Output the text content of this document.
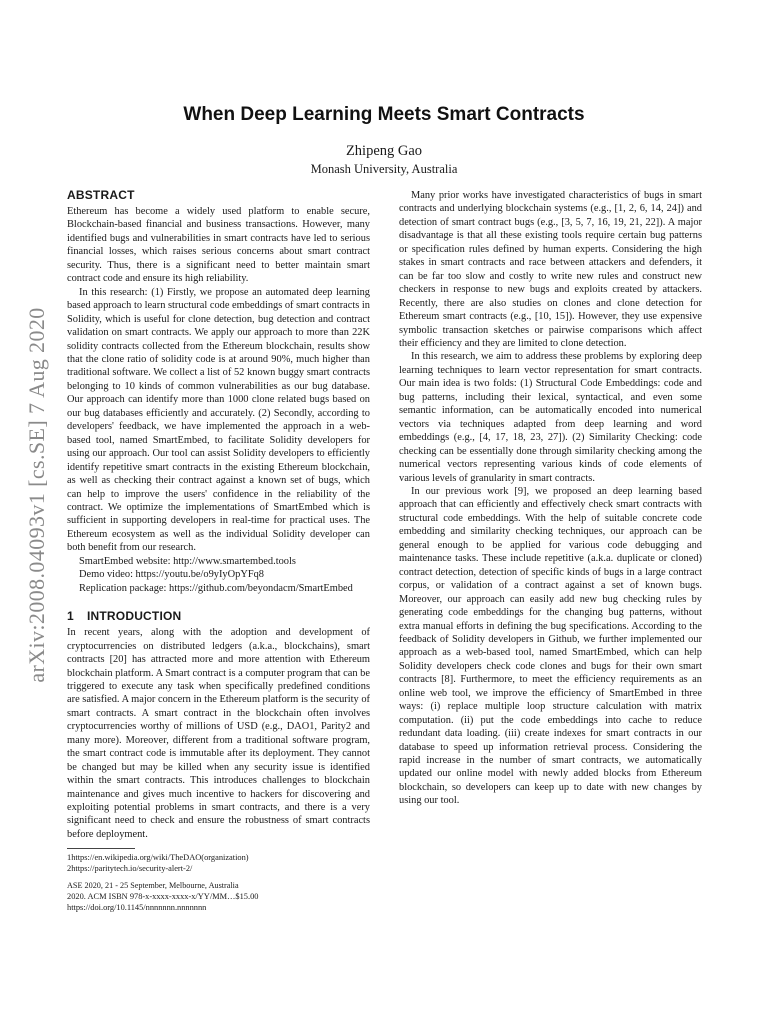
arXiv:2008.04093v1 [cs.SE] 7 Aug 2020
When Deep Learning Meets Smart Contracts
Zhipeng Gao
Monash University, Australia
ABSTRACT

Ethereum has become a widely used platform to enable secure, Blockchain-based financial and business transactions. However, many identified bugs and vulnerabilities in smart contracts have led to serious financial losses, which raises serious concerns about smart contract security. Thus, there is a significant need to better maintain smart contract code and ensure its high reliability.

In this research: (1) Firstly, we propose an automated deep learning based approach to learn structural code embeddings of smart contracts in Solidity, which is useful for clone detection, bug detection and contract validation on smart contracts. We apply our approach to more than 22K solidity contracts collected from the Ethereum blockchain, results show that the clone ratio of solidity code is at around 90%, much higher than traditional software. We collect a list of 52 known buggy smart contracts belonging to 10 kinds of common vulnerabilities as our bug database. Our approach can identify more than 1000 clone related bugs based on our bug databases efficiently and accurately. (2) Secondly, according to developers' feedback, we have implemented the approach in a web-based tool, named SmartEmbed, to facilitate Solidity developers for using our approach. Our tool can assist Solidity developers to efficiently identify repetitive smart contracts in the existing Ethereum blockchain, as well as checking their contract against a known set of bugs, which can help to improve the users' confidence in the reliability of the contract. We optimize the implementations of SmartEmbed which is sufficient in supporting developers in real-time for practical uses. The Ethereum ecosystem as well as the individual Solidity developer can both benefit from our research.

SmartEmbed website: http://www.smartembed.tools

Demo video: https://youtu.be/o9yIyOpYFq8

Replication package: https://github.com/beyondacm/SmartEmbed

1 INTRODUCTION

In recent years, along with the adoption and development of cryptocurrencies on distributed ledgers (a.k.a., blockchains), smart contracts [20] has attracted more and more attention with Ethereum blockchain platform. A Smart contract is a computer program that can be triggered to execute any task when specifically predefined conditions are satisfied. A major concern in the Ethereum platform is the security of smart contracts. A smart contract in the blockchain often involves cryptocurrencies worthy of millions of USD (e.g., DAO1, Parity2 and many more). Moreover, different from a traditional software program, the smart contract code is immutable after its deployment. They cannot be changed but may be killed when any security issue is identified within the smart contracts. This introduces challenges to blockchain maintenance and gives much incentive to hackers for discovering and exploiting potential problems in smart contracts, and there is a very significant need to check and ensure the robustness of smart contracts before deployment.

1https://en.wikipedia.org/wiki/TheDAO(organization)

2https://paritytech.io/security-alert-2/

ASE 2020, 21 - 25 September, Melbourne, Australia

2020. ACM ISBN 978-x-xxxx-xxxx-x/YY/MM…$15.00

https://doi.org/10.1145/nnnnnnn.nnnnnnn

Many prior works have investigated characteristics of bugs in smart contracts and underlying blockchain systems (e.g., [1, 2, 6, 14, 24]) and detection of smart contract bugs (e.g., [3, 5, 7, 16, 19, 21, 22]). A major disadvantage is that all these existing tools require certain bug patterns or specification rules defined by human experts. Considering the high stakes in smart contracts and race between attackers and defenders, it can be far too slow and costly to write new rules and construct new checkers in response to new bugs and exploits created by attackers. Recently, there are also studies on clones and clone detection for Ethereum smart contracts (e.g., [10, 15]). However, they use expensive symbolic transaction sketches or pairwise comparisons which affect their efficiency and they are limited to clone detection.

In this research, we aim to address these problems by exploring deep learning techniques to learn vector representation for smart contracts. Our main idea is two folds: (1) Structural Code Embeddings: code and bug patterns, including their lexical, syntactical, and even some semantic information, can be automatically encoded into numerical vectors via techniques adapted from deep learning and word embeddings (e.g., [4, 17, 18, 23, 27]). (2) Similarity Checking: code checking can be essentially done through similarity checking among the numerical vectors representing various kinds of code elements of various levels of granularity in smart contracts.

In our previous work [9], we proposed an deep learning based approach that can efficiently and effectively check smart contracts with structural code embeddings. With the help of suitable concrete code embedding and similarity checking techniques, our approach can be general enough to be applied for various code debugging and maintenance tasks. These include repetitive (a.k.a. duplicate or cloned) contract detection, detection of specific kinds of bugs in a large contract corpus, or validation of a contract against a set of known bugs. Moreover, our approach can easily add new bug checking rules by generating code embeddings for the changing bug patterns, without extra manual efforts in defining the bug specifications. According to the feedback of Solidity developers in Github, we further implemented our approach as a web-based tool, named SmartEmbed, which can help Solidity developers check code clones and bugs for their own smart contracts [8]. Furthermore, to meet the efficiency requirements as an online web tool, we improve the efficiency of SmartEmbed in three ways: (i) replace multiple loop structure calculation with matrix computation. (ii) put the code embeddings into cache to reduce redundant data loading. (iii) create indexes for smart contracts in our database to speed up information retrieval process. Considering the rapid increase in the number of smart contracts, we automatically updated our online model with newly added blocks from Ethereum blockchain, so developers can keep up to date with new changes by using our tool.
